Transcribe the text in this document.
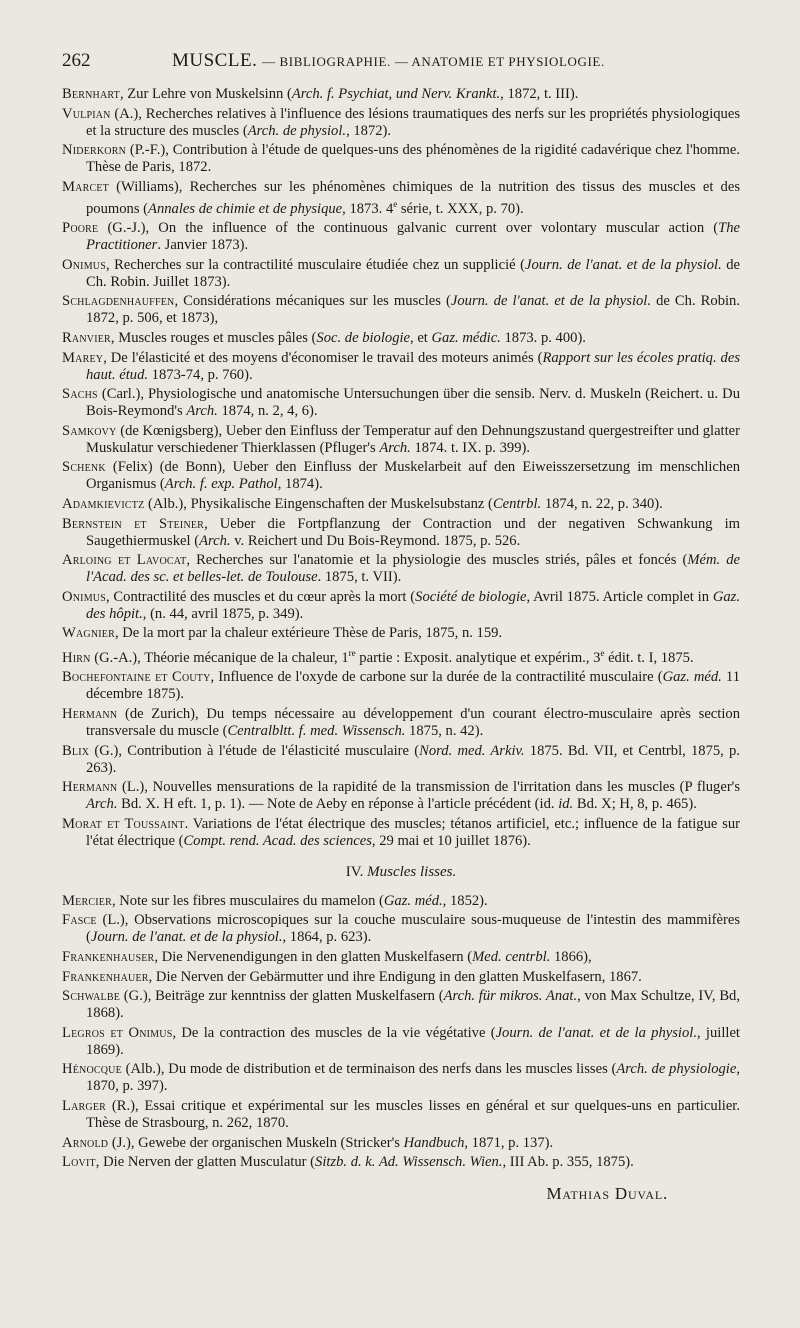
262	MUSCLE. — BIBLIOGRAPHIE. — ANATOMIE ET PHYSIOLOGIE.

Bernhart, Zur Lehre von Muskelsinn (Arch. f. Psychiat, und Nerv. Krankt., 1872, t. III).

Vulpian (A.), Recherches relatives à l'influence des lésions traumatiques des nerfs sur les propriétés physiologiques et la structure des muscles (Arch. de physiol., 1872).

Niderkorn (P.-F.), Contribution à l'étude de quelques-uns des phénomènes de la rigidité cadavérique chez l'homme. Thèse de Paris, 1872.

Marcet (Williams), Recherches sur les phénomènes chimiques de la nutrition des tissus des muscles et des poumons (Annales de chimie et de physique, 1873. 4e série, t. XXX, p. 70).

Poore (G.-J.), On the influence of the continuous galvanic current over volontary muscular action (The Practitioner. Janvier 1873).

Onimus, Recherches sur la contractilité musculaire étudiée chez un supplicié (Journ. de l'anat. et de la physiol. de Ch. Robin. Juillet 1873).

Schlagdenhauffen, Considérations mécaniques sur les muscles (Journ. de l'anat. et de la physiol. de Ch. Robin. 1872, p. 506, et 1873),

Ranvier, Muscles rouges et muscles pâles (Soc. de biologie, et Gaz. médic. 1873. p. 400).

Marey, De l'élasticité et des moyens d'économiser le travail des moteurs animés (Rapport sur les écoles pratiq. des haut. étud. 1873-74, p. 760).

Sachs (Carl.), Physiologische und anatomische Untersuchungen über die sensib. Nerv. d. Muskeln (Reichert. u. Du Bois-Reymond's Arch. 1874, n. 2, 4, 6).

Samkovy (de Kœnigsberg), Ueber den Einfluss der Temperatur auf den Dehnungszustand quergestreifter und glatter Muskulatur verschiedener Thierklassen (Pfluger's Arch. 1874. t. IX. p. 399).

Schenk (Felix) (de Bonn), Ueber den Einfluss der Muskelarbeit auf den Eiweisszersetzung im menschlichen Organismus (Arch. f. exp. Pathol, 1874).

Adamkievictz (Alb.), Physikalische Eingenschaften der Muskelsubstanz (Centrbl. 1874, n. 22, p. 340).

Bernstein et Steiner, Ueber die Fortpflanzung der Contraction und der negativen Schwankung im Saugethiermuskel (Arch. v. Reichert und Du Bois-Reymond. 1875, p. 526.

Arloing et Lavocat, Recherches sur l'anatomie et la physiologie des muscles striés, pâles et foncés (Mém. de l'Acad. des sc. et belles-let. de Toulouse. 1875, t. VII).

Onimus, Contractilité des muscles et du cœur après la mort (Société de biologie, Avril 1875. Article complet in Gaz. des hôpit., (n. 44, avril 1875, p. 349).

Wagnier, De la mort par la chaleur extérieure Thèse de Paris, 1875, n. 159.

Hirn (G.-A.), Théorie mécanique de la chaleur, 1re partie : Exposit. analytique et expérim., 3e édit. t. I, 1875.

Bochefontaine et Couty, Influence de l'oxyde de carbone sur la durée de la contractilité musculaire (Gaz. méd. 11 décembre 1875).

Hermann (de Zurich), Du temps nécessaire au développement d'un courant électro-musculaire après section transversale du muscle (Centralbltt. f. med. Wissensch. 1875, n. 42).

Blix (G.), Contribution à l'étude de l'élasticité musculaire (Nord. med. Arkiv. 1875. Bd. VII, et Centrbl, 1875, p. 263).

Hermann (L.), Nouvelles mensurations de la rapidité de la transmission de l'irritation dans les muscles (P fluger's Arch. Bd. X. H eft. 1, p. 1). — Note de Aeby en réponse à l'article précédent (id. id. Bd. X; H, 8, p. 465).

Morat et Toussaint. Variations de l'état électrique des muscles; tétanos artificiel, etc.; influence de la fatigue sur l'état électrique (Compt. rend. Acad. des sciences, 29 mai et 10 juillet 1876).

IV. Muscles lisses.

Mercier, Note sur les fibres musculaires du mamelon (Gaz. méd., 1852).

Fasce (L.), Observations microscopiques sur la couche musculaire sous-muqueuse de l'intestin des mammifères (Journ. de l'anat. et de la physiol., 1864, p. 623).

Frankenhauser, Die Nervenendigungen in den glatten Muskelfasern (Med. centrbl. 1866),

Frankenhauer, Die Nerven der Gebärmutter und ihre Endigung in den glatten Muskelfasern, 1867.

Schwalbe (G.), Beiträge zur kenntniss der glatten Muskelfasern (Arch. für mikros. Anat., von Max Schultze, IV, Bd, 1868).

Legros et Onimus, De la contraction des muscles de la vie végétative (Journ. de l'anat. et de la physiol., juillet 1869).

Hénocque (Alb.), Du mode de distribution et de terminaison des nerfs dans les muscles lisses (Arch. de physiologie, 1870, p. 397).

Larger (R.), Essai critique et expérimental sur les muscles lisses en général et sur quelques-uns en particulier. Thèse de Strasbourg, n. 262, 1870.

Arnold (J.), Gewebe der organischen Muskeln (Stricker's Handbuch, 1871, p. 137).

Lovit, Die Nerven der glatten Musculatur (Sitzb. d. k. Ad. Wissensch. Wien., III Ab. p. 355, 1875).

Mathias Duval.
